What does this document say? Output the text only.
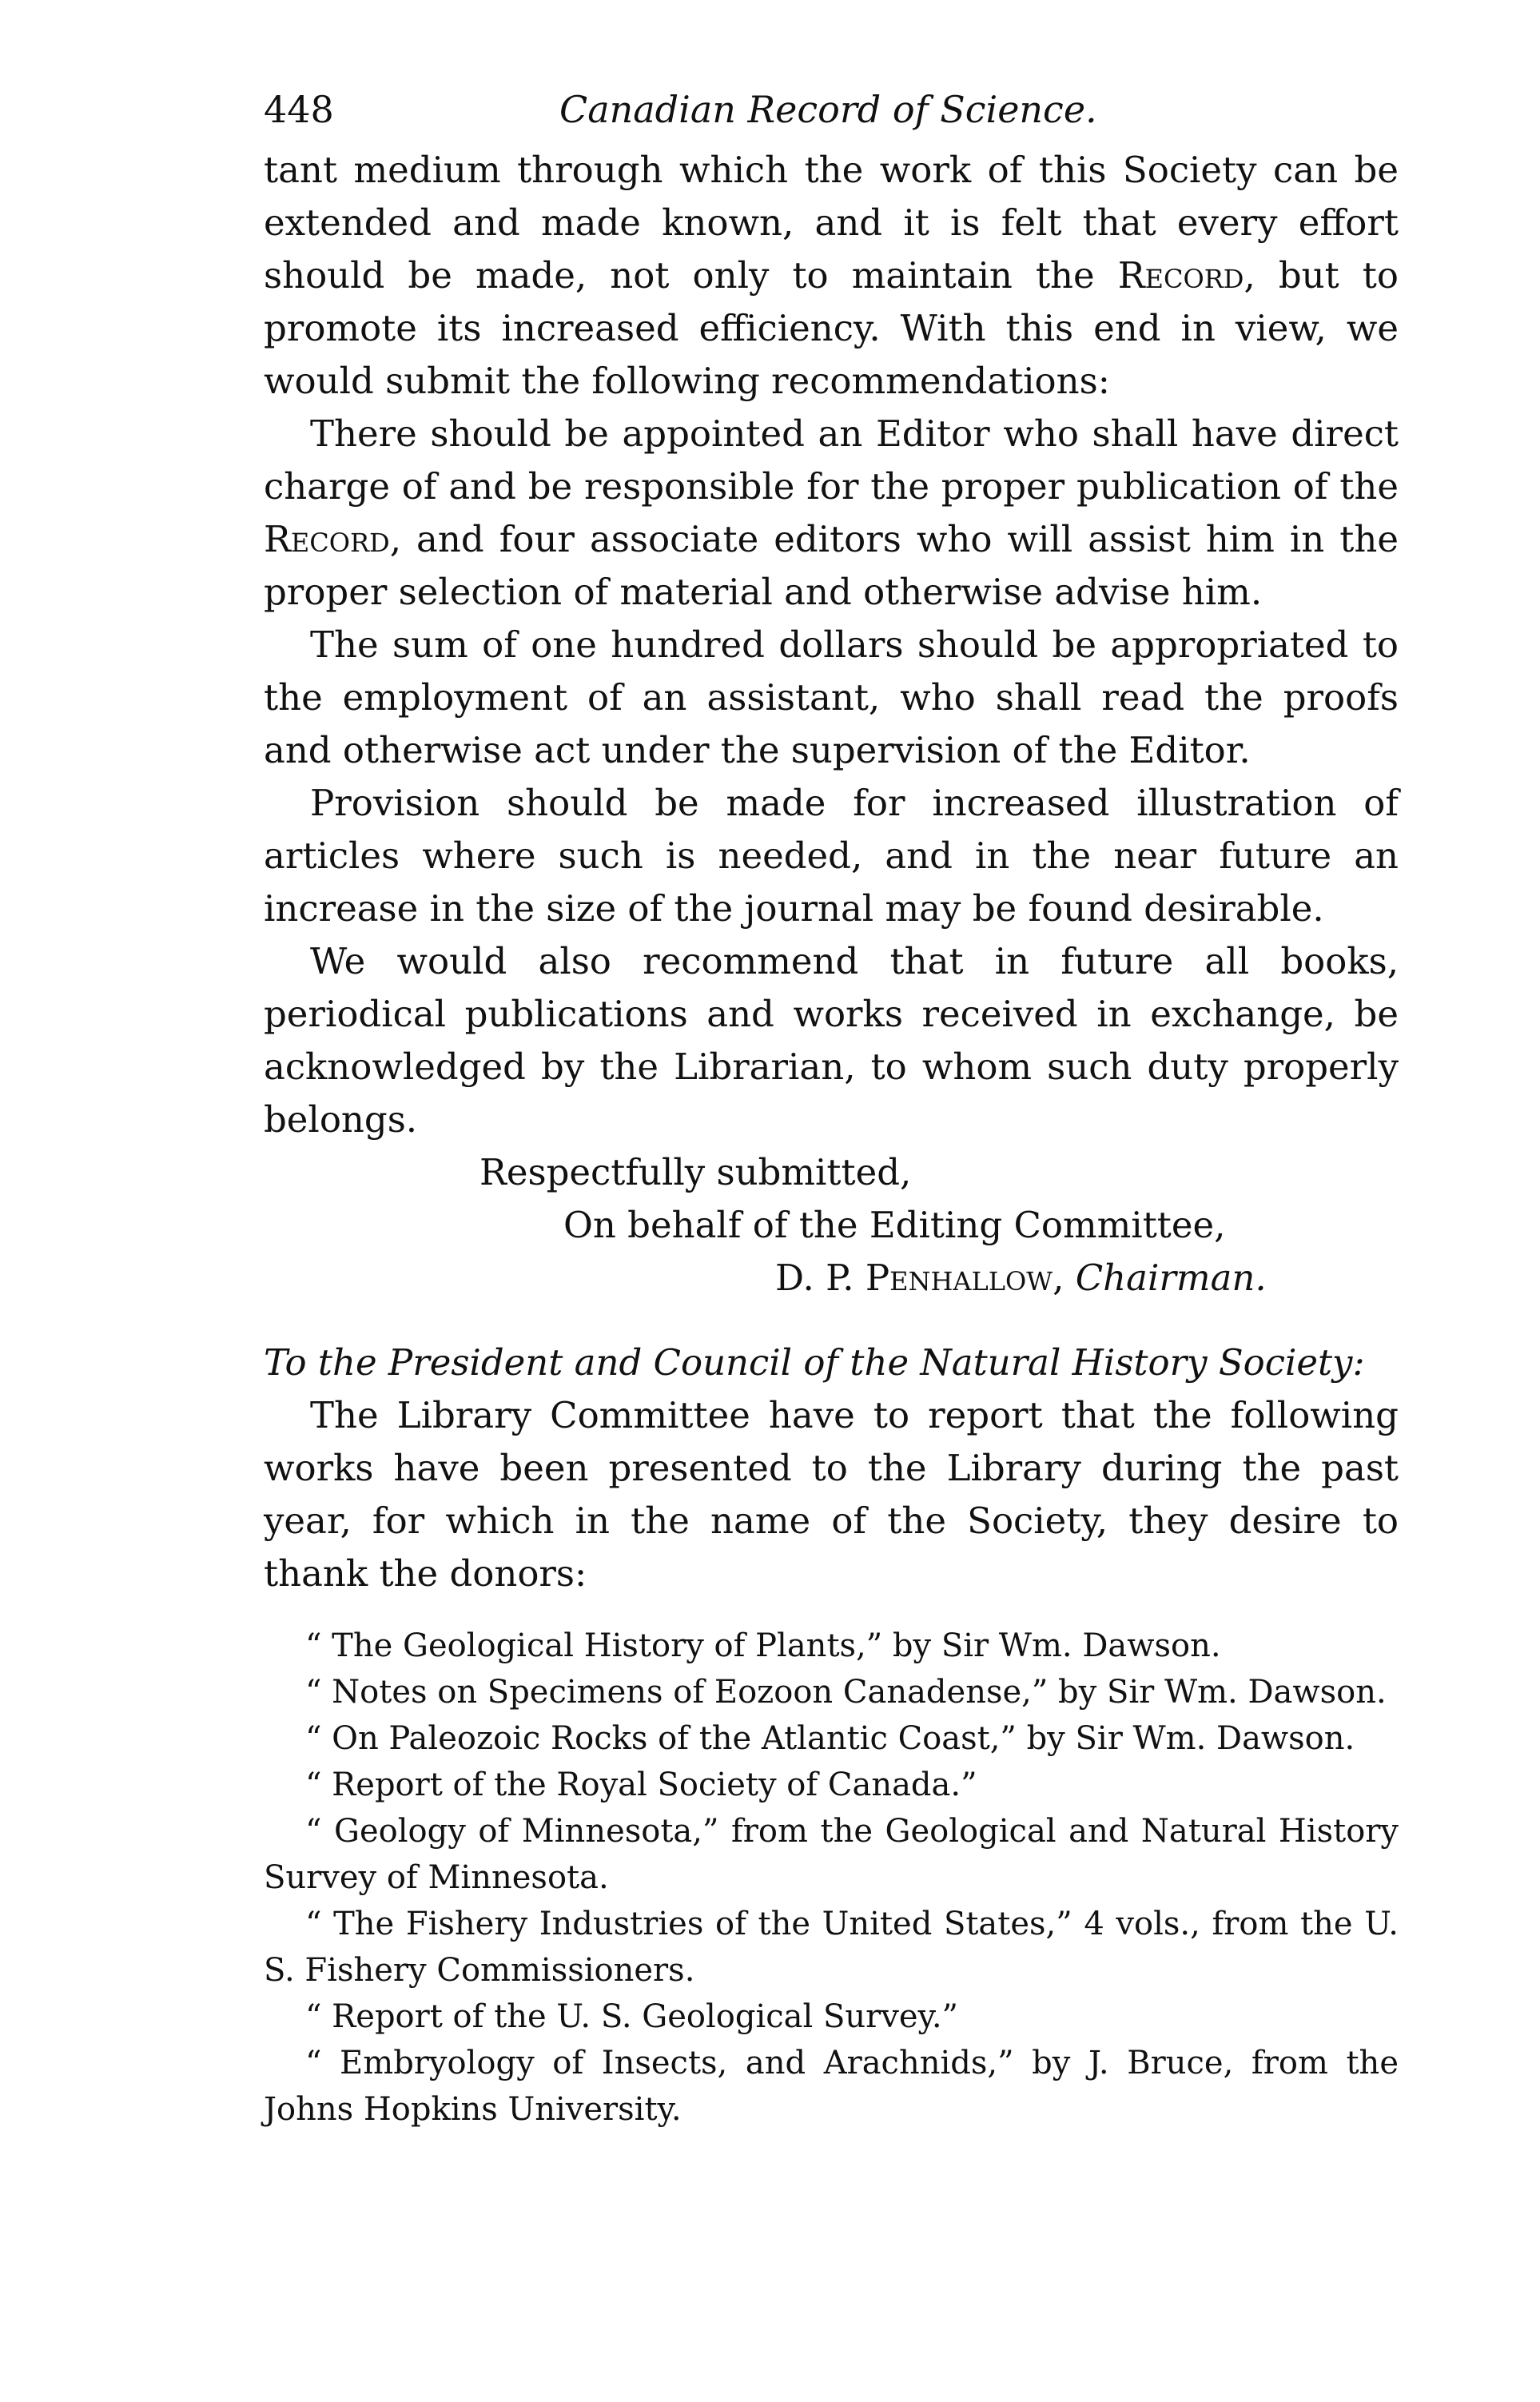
448	Canadian Record of Science.

tant medium through which the work of this Society can be extended and made known, and it is felt that every effort should be made, not only to maintain the Record, but to promote its increased efficiency. With this end in view, we would submit the following recommendations:

There should be appointed an Editor who shall have direct charge of and be responsible for the proper publication of the Record, and four associate editors who will assist him in the proper selection of material and otherwise advise him.

The sum of one hundred dollars should be appropriated to the employment of an assistant, who shall read the proofs and otherwise act under the supervision of the Editor.

Provision should be made for increased illustration of articles where such is needed, and in the near future an increase in the size of the journal may be found desirable.

We would also recommend that in future all books, periodical publications and works received in exchange, be acknowledged by the Librarian, to whom such duty properly belongs.

Respectfully submitted,
On behalf of the Editing Committee,
D. P. Penhallow, Chairman.

To the President and Council of the Natural History Society:

The Library Committee have to report that the following works have been presented to the Library during the past year, for which in the name of the Society, they desire to thank the donors:

“ The Geological History of Plants,” by Sir Wm. Dawson.
“ Notes on Specimens of Eozoon Canadense,” by Sir Wm. Dawson.
“ On Paleozoic Rocks of the Atlantic Coast,” by Sir Wm. Dawson.
“ Report of the Royal Society of Canada.”
“ Geology of Minnesota,” from the Geological and Natural History Survey of Minnesota.
“ The Fishery Industries of the United States,” 4 vols., from the U. S. Fishery Commissioners.
“ Report of the U. S. Geological Survey.”
“ Embryology of Insects, and Arachnids,” by J. Bruce, from the Johns Hopkins University.
